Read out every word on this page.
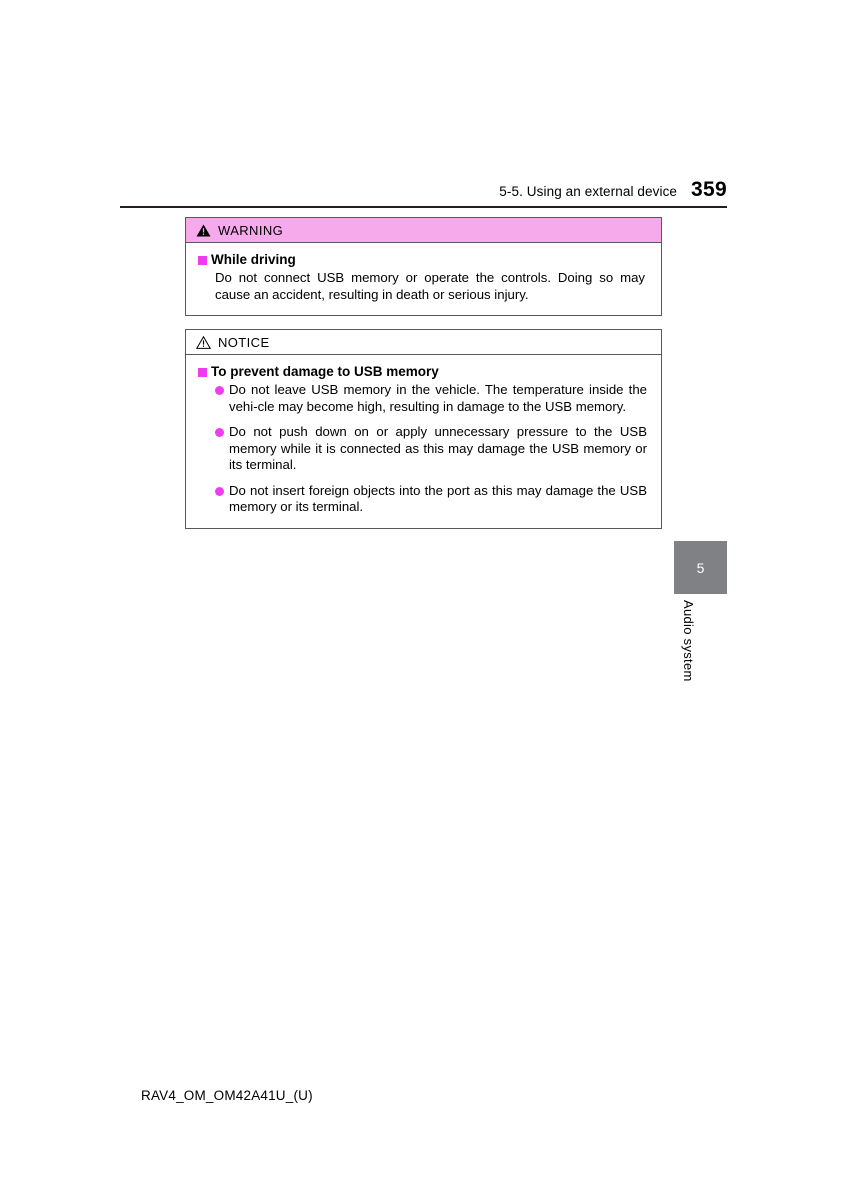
5-5. Using an external device 359
WARNING
While driving

Do not connect USB memory or operate the controls. Doing so may cause an accident, resulting in death or serious injury.

NOTICE
To prevent damage to USB memory
Do not leave USB memory in the vehicle. The temperature inside the vehi-cle may become high, resulting in damage to the USB memory.
Do not push down on or apply unnecessary pressure to the USB memory while it is connected as this may damage the USB memory or its terminal.
Do not insert foreign objects into the port as this may damage the USB memory or its terminal.
5
Audio system
RAV4_OM_OM42A41U_(U)
